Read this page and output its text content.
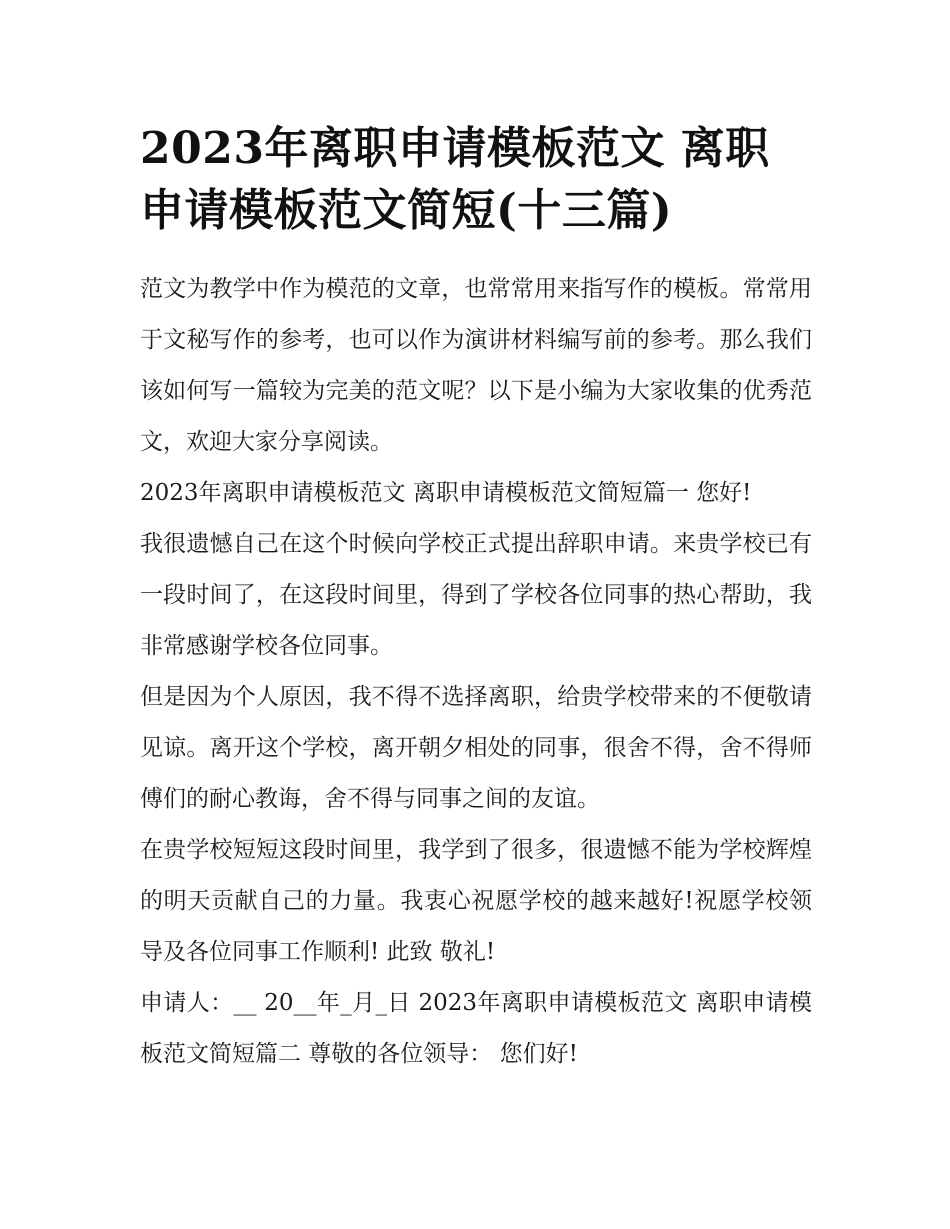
2023年离职申请模板范文 离职申请模板范文简短(十三篇)

范文为教学中作为模范的文章，也常常用来指写作的模板。常常用于文秘写作的参考，也可以作为演讲材料编写前的参考。那么我们该如何写一篇较为完美的范文呢？以下是小编为大家收集的优秀范文，欢迎大家分享阅读。

2023年离职申请模板范文 离职申请模板范文简短篇一 您好!

我很遗憾自己在这个时候向学校正式提出辞职申请。来贵学校已有一段时间了，在这段时间里，得到了学校各位同事的热心帮助，我非常感谢学校各位同事。

但是因为个人原因，我不得不选择离职，给贵学校带来的不便敬请见谅。离开这个学校，离开朝夕相处的同事，很舍不得，舍不得师傅们的耐心教诲，舍不得与同事之间的友谊。

在贵学校短短这段时间里，我学到了很多，很遗憾不能为学校辉煌的明天贡献自己的力量。我衷心祝愿学校的越来越好!祝愿学校领导及各位同事工作顺利! 此致 敬礼!

申请人：__ 20__年_月_日 2023年离职申请模板范文 离职申请模板范文简短篇二 尊敬的各位领导： 您们好!
